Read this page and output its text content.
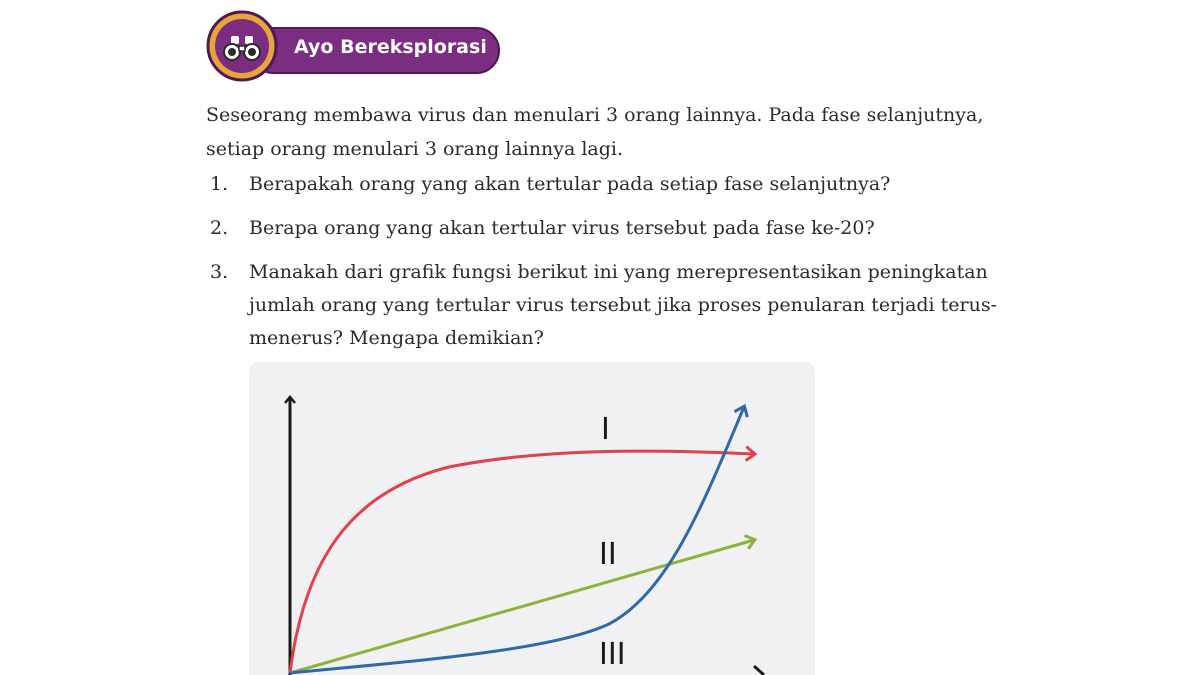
Ayo Bereksplorasi

Seseorang membawa virus dan menulari 3 orang lainnya. Pada fase selanjutnya,
setiap orang menulari 3 orang lainnya lagi.

1. Berapakah orang yang akan tertular pada setiap fase selanjutnya?
2. Berapa orang yang akan tertular virus tersebut pada fase ke-20?
3. Manakah dari grafik fungsi berikut ini yang merepresentasikan peningkatan
jumlah orang yang tertular virus tersebut jika proses penularan terjadi terus-
menerus? Mengapa demikian?
I
II
III
